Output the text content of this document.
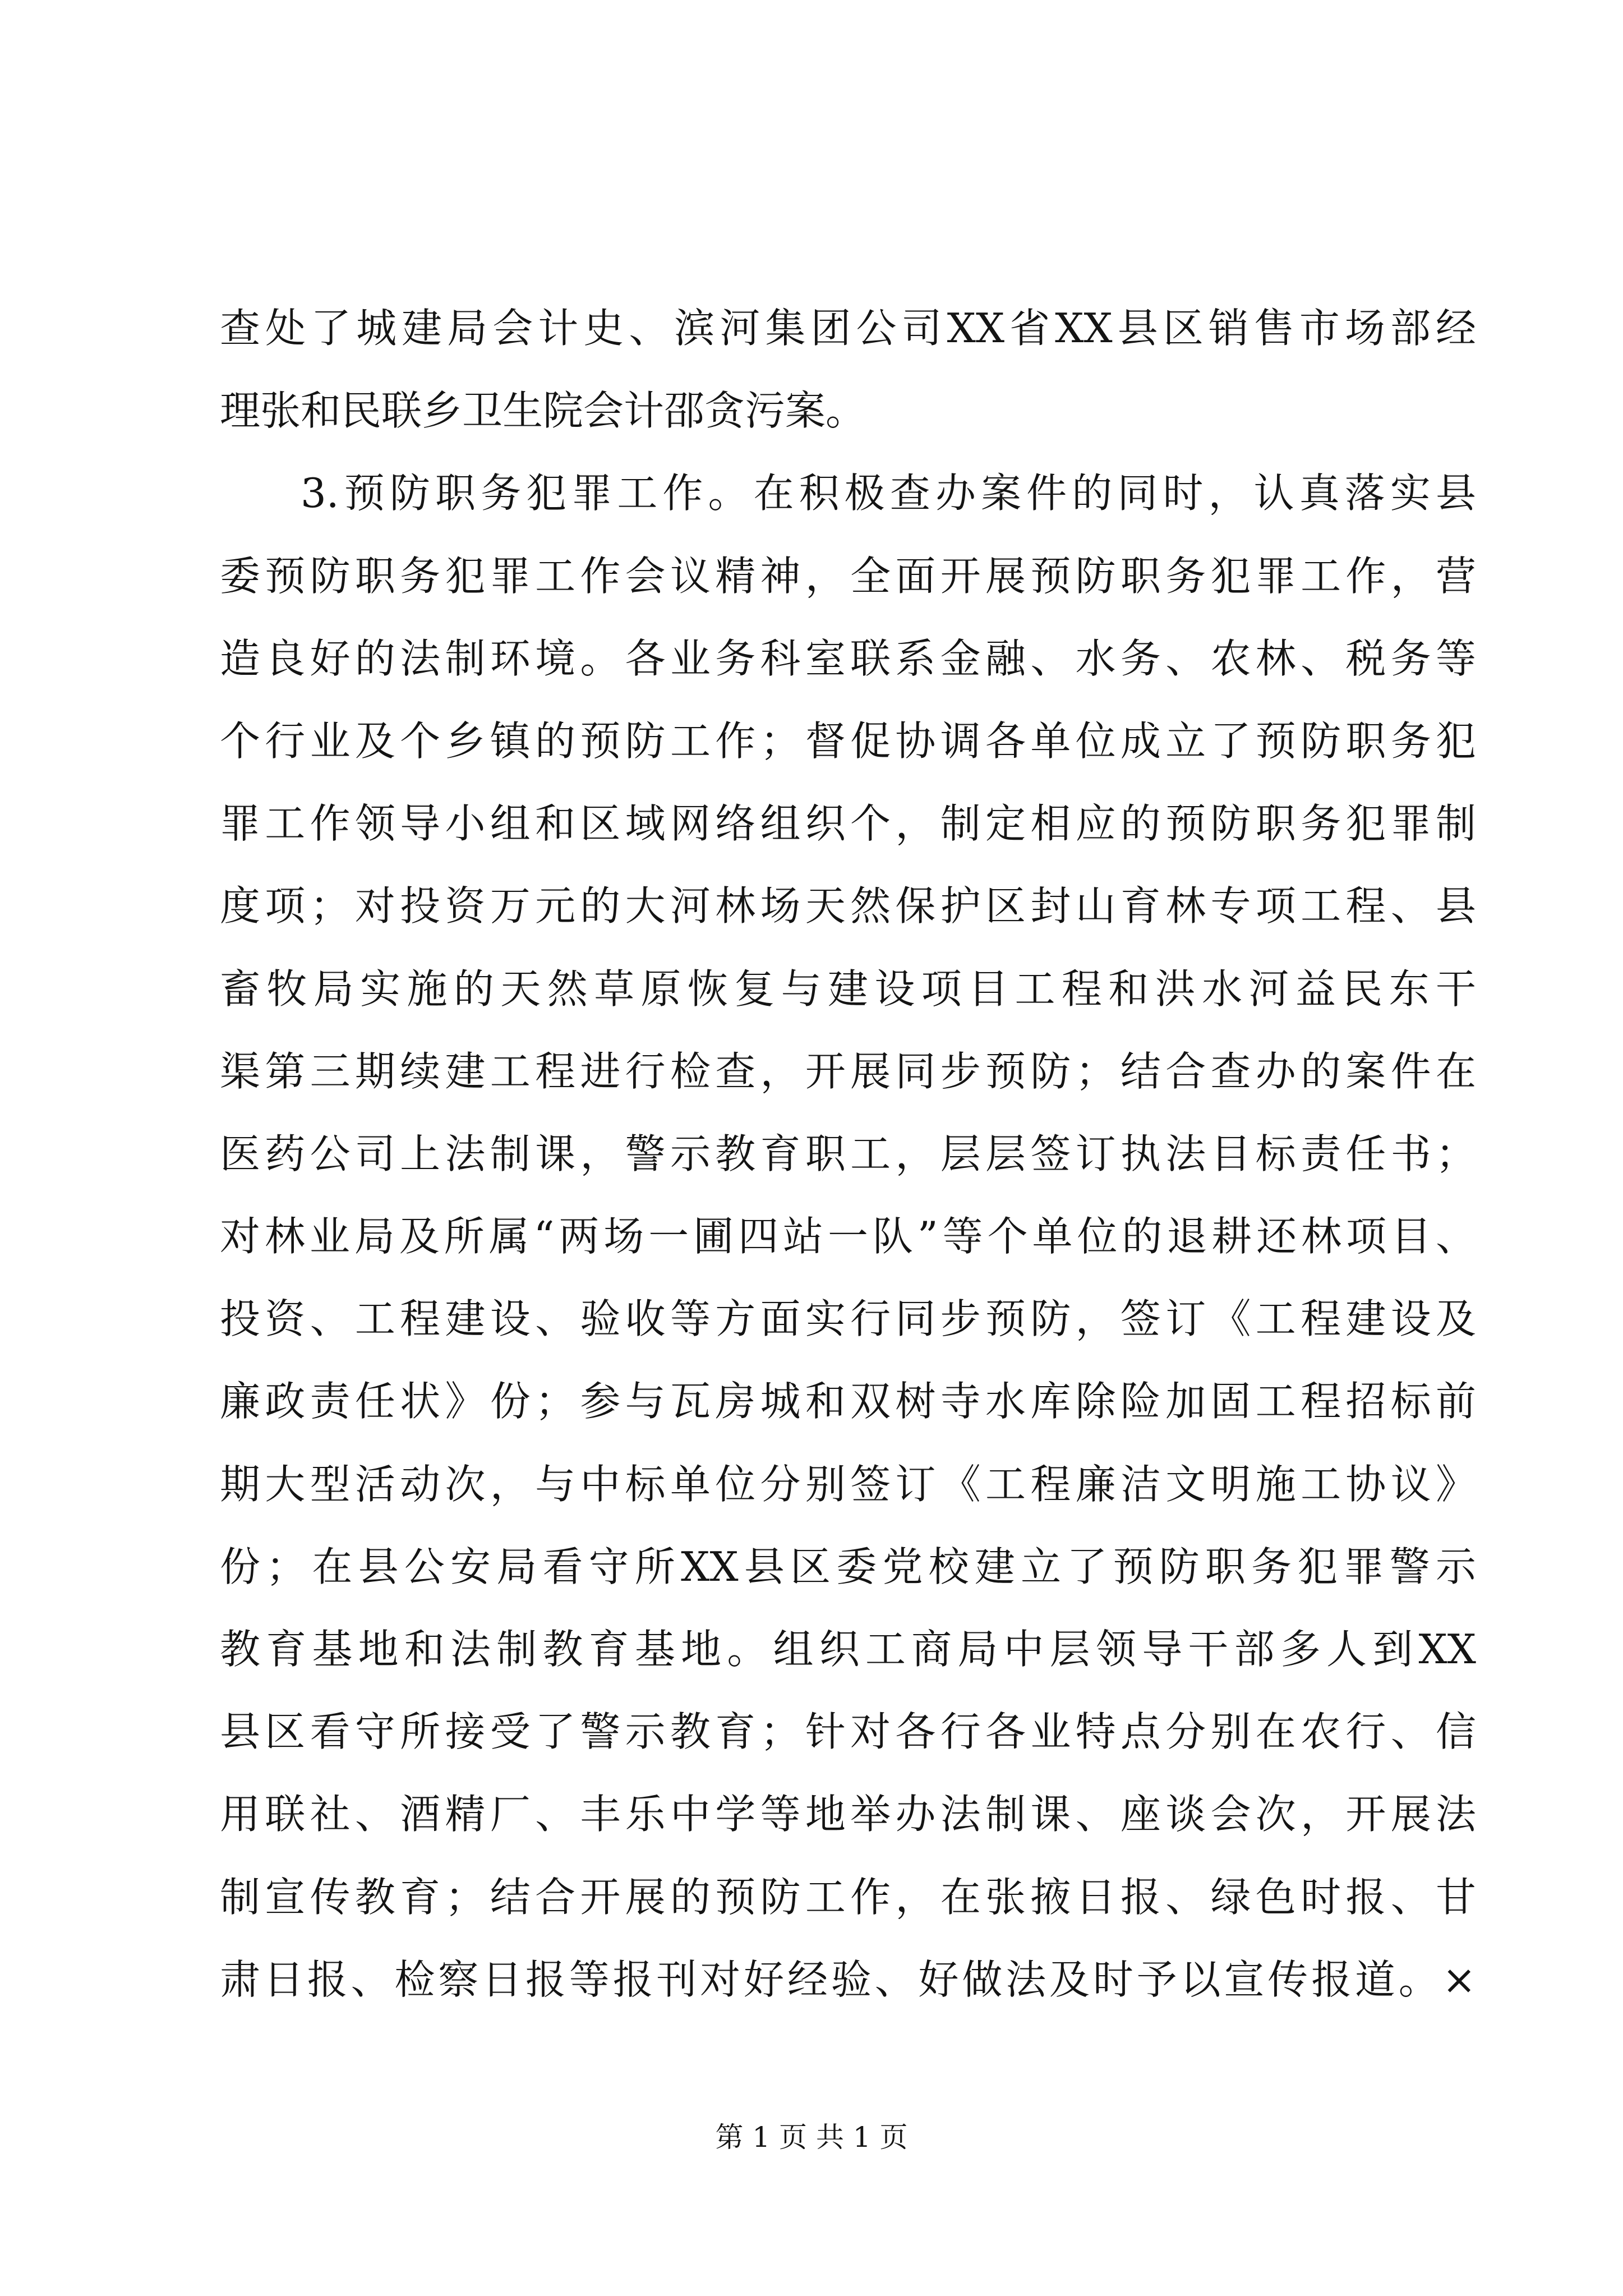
查处了城建局会计史、滨河集团公司XX省XX县区销售市场部经
理张和民联乡卫生院会计邵贪污案。
3.预防职务犯罪工作。在积极查办案件的同时，认真落实县
委预防职务犯罪工作会议精神，全面开展预防职务犯罪工作，营
造良好的法制环境。各业务科室联系金融、水务、农林、税务等
个行业及个乡镇的预防工作；督促协调各单位成立了预防职务犯
罪工作领导小组和区域网络组织个，制定相应的预防职务犯罪制
度项；对投资万元的大河林场天然保护区封山育林专项工程、县
畜牧局实施的天然草原恢复与建设项目工程和洪水河益民东干
渠第三期续建工程进行检查，开展同步预防；结合查办的案件在
医药公司上法制课，警示教育职工，层层签订执法目标责任书；
对林业局及所属“两场一圃四站一队”等个单位的退耕还林项目、
投资、工程建设、验收等方面实行同步预防，签订《工程建设及
廉政责任状》份；参与瓦房城和双树寺水库除险加固工程招标前
期大型活动次，与中标单位分别签订《工程廉洁文明施工协议》
份；在县公安局看守所XX县区委党校建立了预防职务犯罪警示
教育基地和法制教育基地。组织工商局中层领导干部多人到XX
县区看守所接受了警示教育；针对各行各业特点分别在农行、信
用联社、酒精厂、丰乐中学等地举办法制课、座谈会次，开展法
制宣传教育；结合开展的预防工作，在张掖日报、绿色时报、甘
肃日报、检察日报等报刊对好经验、好做法及时予以宣传报道。×
第 1 页 共 1 页
